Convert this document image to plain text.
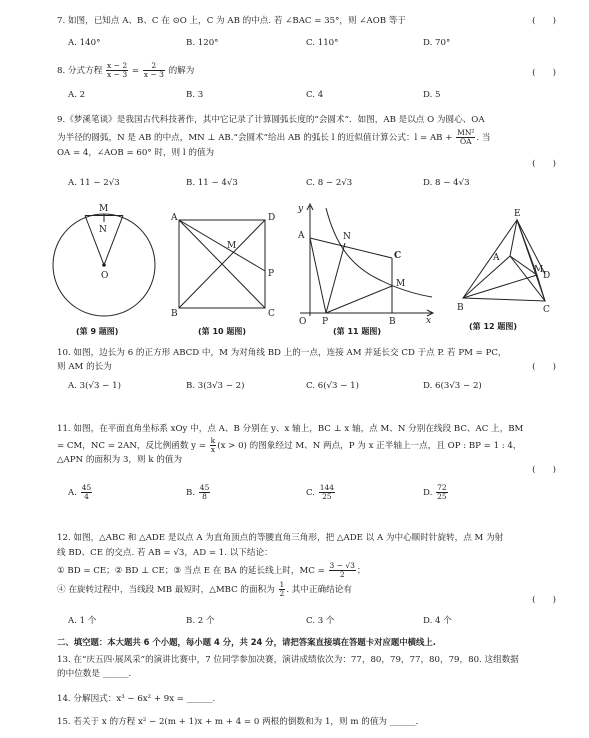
7. 如图，已知点 A、B、C 在 ⊙O 上，C 为 AB 的中点. 若 ∠BAC = 35°，则 ∠AOB 等于	(　　)
A. 140°	B. 120°	C. 110°	D. 70°
8. 分式方程 $\frac{x - 2}{x - 3} = \frac{2}{x - 3}$ 的解为	(　　)
A. 2	B. 3	C. 4	D. 5
9.《梦溪笔谈》是我国古代科技著作，其中它记录了计算圆弧长度的“会圆术”．如图，AB 是以点 O 为圆心、OA
为半径的圆弧，N 是 AB 的中点，MN ⊥ AB.“会圆术”给出 AB 的弧长 l 的近似值计算公式：l = AB + $\frac{\text{MN²}}{OA}$ . 当
OA = 4，∠AOB = 60° 时，则 l 的值为
(　　)
A. 11 − 2√3	B. 11 − 4√3	C. 8 − 2√3	D. 8 − 4√3
M
N
O
(第 9 题图)
A	D
M
P
B	C
(第 10 题图)
y
A	N
C
M
O P	B	x
(第 11 题图)
E
A
M
D
B	C
(第 12 题图)
10. 如图，边长为 6 的正方形 ABCD 中，M 为对角线 BD 上的一点，连接 AM 并延长交 CD 于点 P. 若 PM = PC，
则 AM 的长为	(　　)
A. 3(√3 − 1)	B. 3(3√3 − 2)	C. 6(√3 − 1)	D. 6(3√3 − 2)
11. 如图，在平面直角坐标系 xOy 中，点 A、B 分别在 y、x 轴上，BC ⊥ x 轴，点 M、N 分别在线段 BC、AC 上，BM
= CM，NC = 2AN，反比例函数 $y = \frac{k}{x} (x > 0)$ 的图象经过 M、N 两点，P 为 x 正半轴上一点，且 OP : BP = 1 : 4，
△APN 的面积为 3，则 k 的值为
(　　)
A. $\frac{45}{4}$	B. $\frac{45}{8}$	C. $\frac{144}{25}$	D. $\frac{72}{25}$
12. 如图，△ABC 和 △ADE 是以点 A 为直角顶点的等腰直角三角形，把 △ADE 以 A 为中心顺时针旋转，点 M 为射
线 BD、CE 的交点. 若 AB = √3，AD = 1. 以下结论：
① BD = CE；② BD ⊥ CE；③ 当点 E 在 BA 的延长线上时，MC = $\frac{3 - √3}{2}$ ；
④ 在旋转过程中，当线段 MB 最短时，△MBC 的面积为 $\frac{1}{2}$ . 其中正确结论有
(　　)
A. 1 个	B. 2 个	C. 3 个	D. 4 个
二、填空题：本大题共 6 个小题，每小题 4 分，共 24 分，请把答案直接填在答题卡对应题中横线上.
13. 在“庆五四·展风采”的演讲比赛中，7 位同学参加决赛，演讲成绩依次为：77，80，79，77，80，79，80. 这组数据
的中位数是 ______.
14. 分解因式：x³ − 6x² + 9x = ______.
15. 若关于 x 的方程 x² − 2(m + 1)x + m + 4 = 0 两根的倒数和为 1，则 m 的值为 ______.
